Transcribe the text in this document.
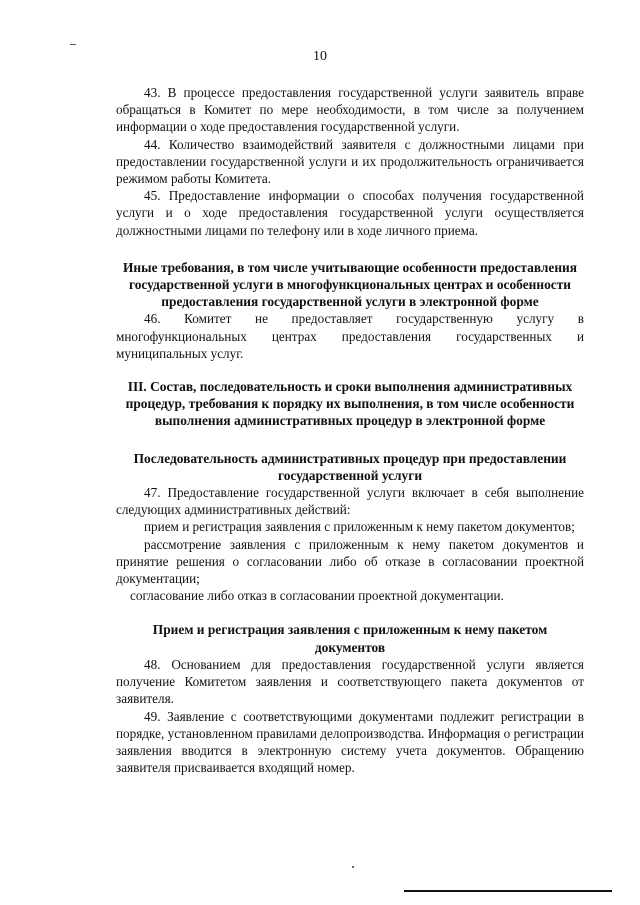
10

43. В процессе предоставления государственной услуги заявитель вправе обращаться в Комитет по мере необходимости, в том числе за получением информации о ходе предоставления государственной услуги.

44. Количество взаимодействий заявителя с должностными лицами при предоставлении государственной услуги и их продолжительность ограничивается режимом работы Комитета.

45. Предоставление информации о способах получения государственной услуги и о ходе предоставления государственной услуги осуществляется должностными лицами по телефону или в ходе личного приема.

Иные требования, в том числе учитывающие особенности предоставления государственной услуги в многофункциональных центрах и особенности предоставления государственной услуги в электронной форме

46. Комитет не предоставляет государственную услугу в многофункциональных центрах предоставления государственных и муниципальных услуг.

III. Состав, последовательность и сроки выполнения административных процедур, требования к порядку их выполнения, в том числе особенности выполнения административных процедур в электронной форме
Последовательность административных процедур при предоставлении государственной услуги

47. Предоставление государственной услуги включает в себя выполнение следующих административных действий:

прием и регистрация заявления с приложенным к нему пакетом документов;

рассмотрение заявления с приложенным к нему пакетом документов и принятие решения о согласовании либо об отказе в согласовании проектной документации;

согласование либо отказ в согласовании проектной документации.

Прием и регистрация заявления с приложенным к нему пакетом документов

48. Основанием для предоставления государственной услуги является получение Комитетом заявления и соответствующего пакета документов от заявителя.

49. Заявление с соответствующими документами подлежит регистрации в порядке, установленном правилами делопроизводства. Информация о регистрации заявления вводится в электронную систему учета документов. Обращению заявителя присваивается входящий номер.
